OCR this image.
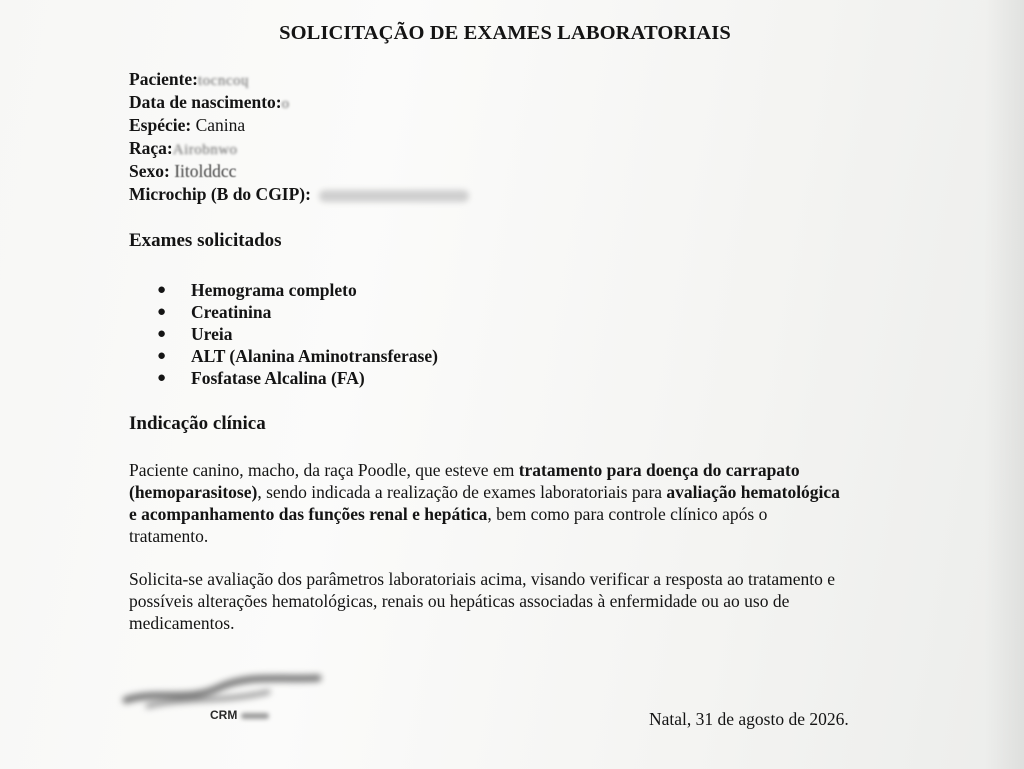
SOLICITAÇÃO DE EXAMES LABORATORIAIS
Paciente:tocncoɥ
Data de nascimento:o
Espécie: Canina
Raça:Airobnwo
Sexo: Iitolddcc
Microchip (B do CGIP):
Exames solicitados
●	Hemograma completo
●	Creatinina
●	Ureia
●	ALT (Alanina Aminotransferase)
●	Fosfatase Alcalina (FA)
Indicação clínica
Paciente canino, macho, da raça Poodle, que esteve em tratamento para doença do carrapato (hemoparasitose), sendo indicada a realização de exames laboratoriais para avaliação hematológica e acompanhamento das funções renal e hepática, bem como para controle clínico após o tratamento.
Solicita-se avaliação dos parâmetros laboratoriais acima, visando verificar a resposta ao tratamento e possíveis alterações hematológicas, renais ou hepáticas associadas à enfermidade ou ao uso de medicamentos.
CRM	Natal, 31 de agosto de 2026.
